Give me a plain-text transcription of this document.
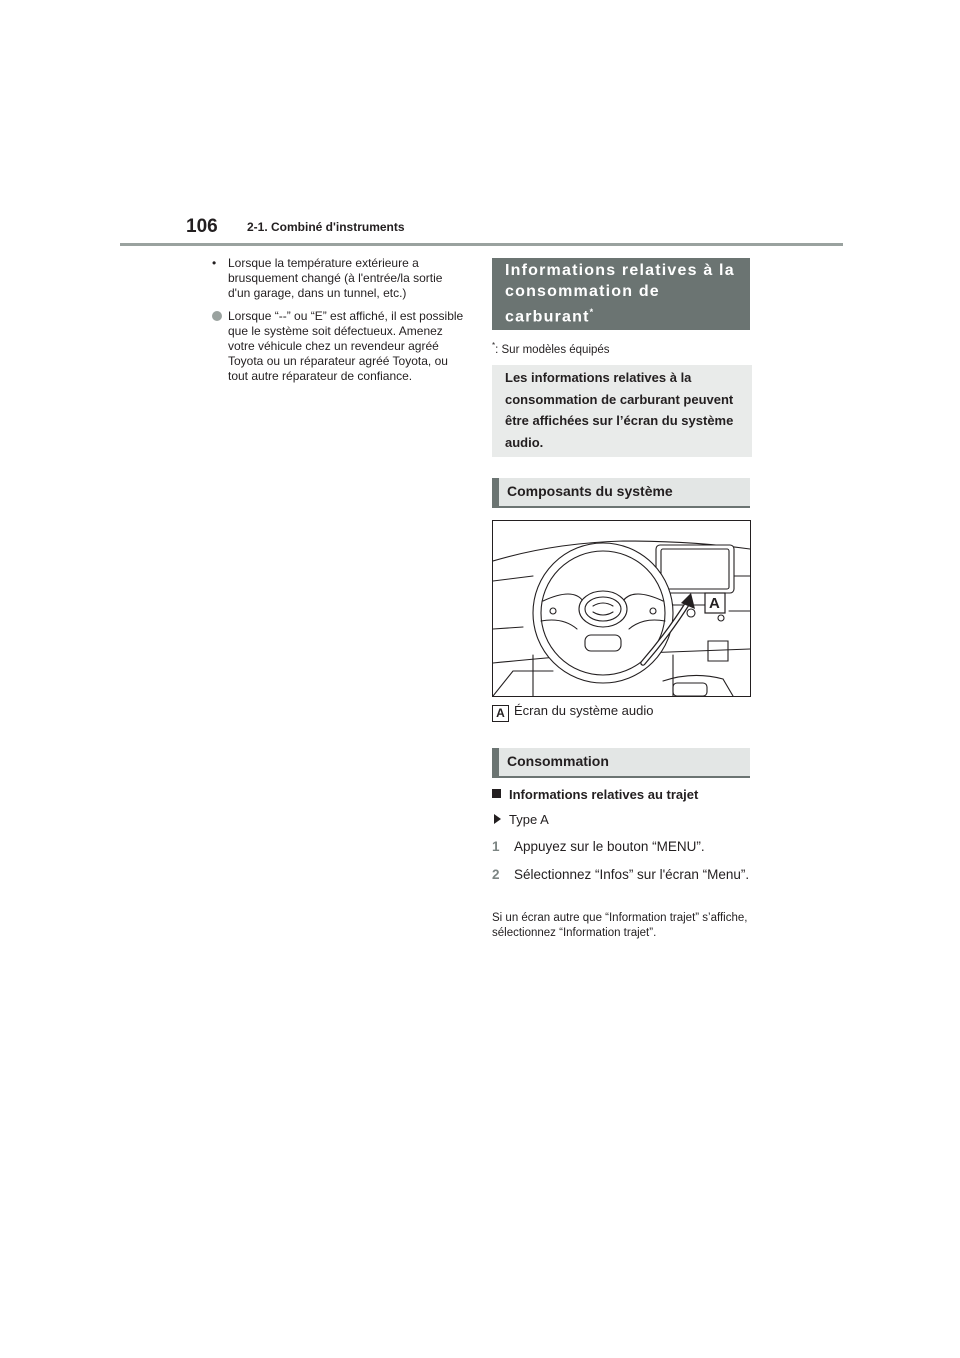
106 2-1. Combiné d'instruments
• Lorsque la température extérieure a brusquement changé (à l'entrée/la sortie d'un garage, dans un tunnel, etc.)
Lorsque “--” ou “E” est affiché, il est possible que le système soit défectueux. Amenez votre véhicule chez un revendeur agréé Toyota ou un réparateur agréé Toyota, ou tout autre réparateur de confiance.
Informations relatives à la consommation de carburant*
*: Sur modèles équipés
Les informations relatives à la consommation de carburant peuvent être affichées sur l’écran du système audio.
Composants du système
A
A Écran du système audio
Consommation
Informations relatives au trajet
Type A
1	Appuyez sur le bouton “MENU”.
2	Sélectionnez “Infos” sur l'écran “Menu”.
Si un écran autre que “Information trajet” s’affiche, sélectionnez “Information trajet”.
